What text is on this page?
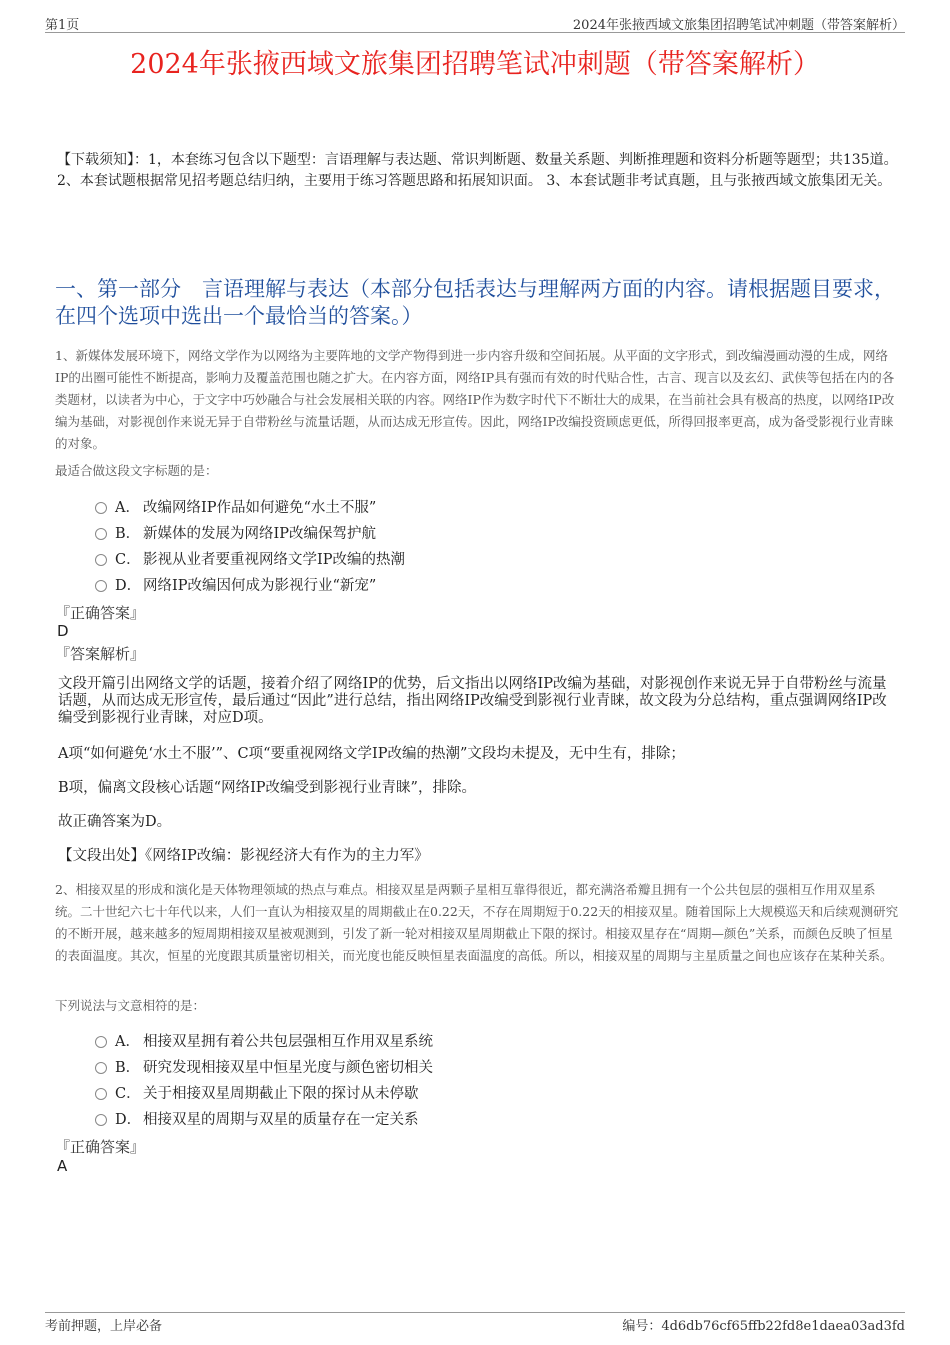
第1页	2024年张掖西域文旅集团招聘笔试冲刺题（带答案解析）
2024年张掖西域文旅集团招聘笔试冲刺题（带答案解析）
【下载须知】：1，本套练习包含以下题型：言语理解与表达题、常识判断题、数量关系题、判断推理题和资料分析题等题型；共135道。 2、本套试题根据常见招考题总结归纳，主要用于练习答题思路和拓展知识面。 3、本套试题非考试真题，且与张掖西域文旅集团无关。
一、第一部分　言语理解与表达（本部分包括表达与理解两方面的内容。请根据题目要求，在四个选项中选出一个最恰当的答案。）
1、新媒体发展环境下，网络文学作为以网络为主要阵地的文学产物得到进一步内容升级和空间拓展。从平面的文字形式，到改编漫画动漫的生成，网络IP的出圈可能性不断提高，影响力及覆盖范围也随之扩大。在内容方面，网络IP具有强而有效的时代贴合性，古言、现言以及玄幻、武侠等包括在内的各类题材，以读者为中心，于文字中巧妙融合与社会发展相关联的内容。网络IP作为数字时代下不断壮大的成果，在当前社会具有极高的热度，以网络IP改编为基础，对影视创作来说无异于自带粉丝与流量话题，从而达成无形宣传。因此，网络IP改编投资顾虑更低，所得回报率更高，成为备受影视行业青睐的对象。
最适合做这段文字标题的是：
A． 改编网络IP作品如何避免“水土不服”
B． 新媒体的发展为网络IP改编保驾护航
C． 影视从业者要重视网络文学IP改编的热潮
D． 网络IP改编因何成为影视行业“新宠”
『正确答案』
D
『答案解析』

文段开篇引出网络文学的话题，接着介绍了网络IP的优势，后文指出以网络IP改编为基础，对影视创作来说无异于自带粉丝与流量话题，从而达成无形宣传，最后通过“因此”进行总结，指出网络IP改编受到影视行业青睐，故文段为分总结构，重点强调网络IP改编受到影视行业青睐，对应D项。

A项“如何避免‘水土不服’”、C项“要重视网络文学IP改编的热潮”文段均未提及，无中生有，排除；

B项，偏离文段核心话题“网络IP改编受到影视行业青睐”，排除。

故正确答案为D。

【文段出处】《网络IP改编：影视经济大有作为的主力军》

2、相接双星的形成和演化是天体物理领域的热点与难点。相接双星是两颗子星相互靠得很近，都充满洛希瓣且拥有一个公共包层的强相互作用双星系统。二十世纪六七十年代以来，人们一直认为相接双星的周期截止在0.22天，不存在周期短于0.22天的相接双星。随着国际上大规模巡天和后续观测研究的不断开展，越来越多的短周期相接双星被观测到，引发了新一轮对相接双星周期截止下限的探讨。相接双星存在“周期—颜色”关系，而颜色反映了恒星的表面温度。其次，恒星的光度跟其质量密切相关，而光度也能反映恒星表面温度的高低。所以，相接双星的周期与主星质量之间也应该存在某种关系。
下列说法与文意相符的是：
A． 相接双星拥有着公共包层强相互作用双星系统
B． 研究发现相接双星中恒星光度与颜色密切相关
C． 关于相接双星周期截止下限的探讨从未停歇
D． 相接双星的周期与双星的质量存在一定关系
『正确答案』
A
考前押题，上岸必备	编号：4d6db76cf65ffb22fd8e1daea03ad3fd
